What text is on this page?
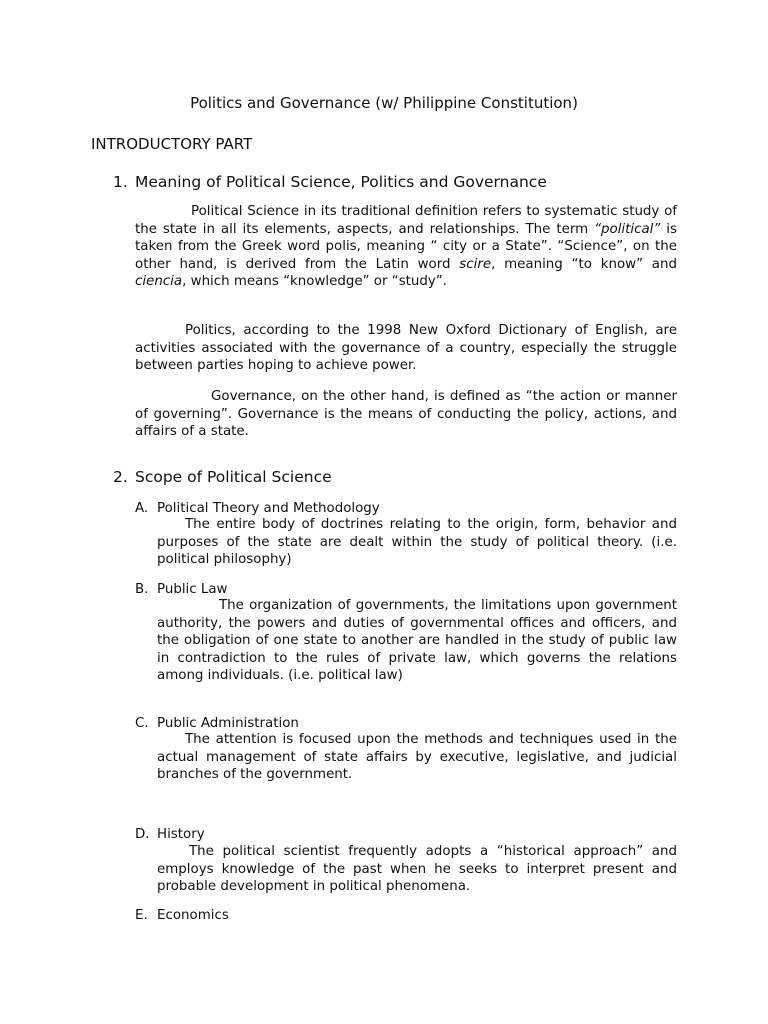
Politics and Governance (w/ Philippine Constitution)
INTRODUCTORY PART
1. Meaning of Political Science, Politics and Governance

Political Science in its traditional definition refers to systematic study of the state in all its elements, aspects, and relationships. The term “political” is taken from the Greek word polis, meaning “ city or a State”. “Science”, on the other hand, is derived from the Latin word scire, meaning “to know” and ciencia, which means “knowledge” or “study”.

Politics, according to the 1998 New Oxford Dictionary of English, are activities associated with the governance of a country, especially the struggle between parties hoping to achieve power.

Governance, on the other hand, is defined as “the action or manner of governing”. Governance is the means of conducting the policy, actions, and affairs of a state.

2. Scope of Political Science
A. Political Theory and Methodology

The entire body of doctrines relating to the origin, form, behavior and purposes of the state are dealt within the study of political theory. (i.e. political philosophy)

B. Public Law

The organization of governments, the limitations upon government authority, the powers and duties of governmental offices and officers, and the obligation of one state to another are handled in the study of public law in contradiction to the rules of private law, which governs the relations among individuals. (i.e. political law)

C. Public Administration

The attention is focused upon the methods and techniques used in the actual management of state affairs by executive, legislative, and judicial branches of the government.

D. History

The political scientist frequently adopts a “historical approach” and employs knowledge of the past when he seeks to interpret present and probable development in political phenomena.

E. Economics
